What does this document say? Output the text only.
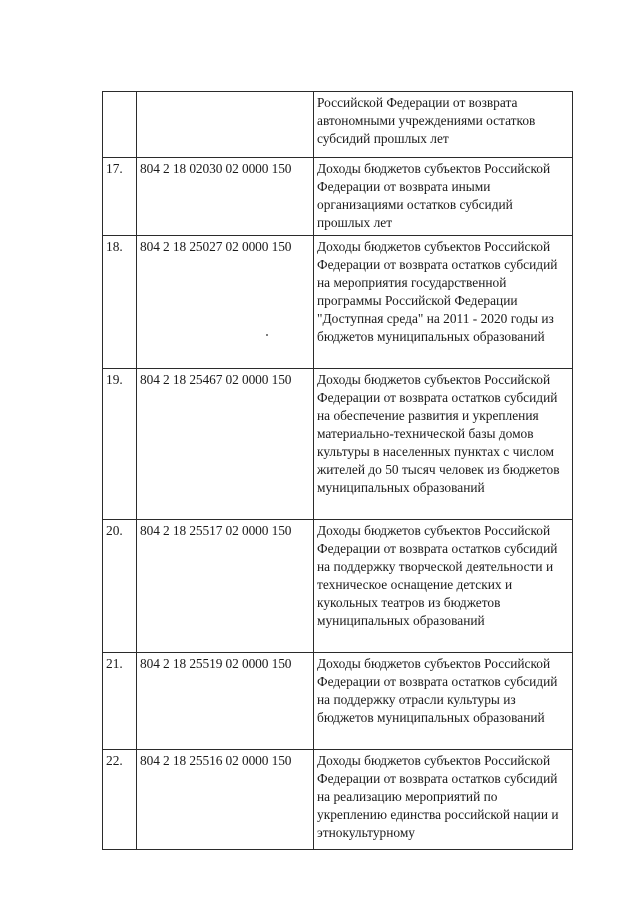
		Российской Федерации от возврата автономными учреждениями остатков субсидий прошлых лет

17.	804 2 18 02030 02 0000 150	Доходы бюджетов субъектов Российской Федерации от возврата иными организациями остатков субсидий прошлых лет

18.	804 2 18 25027 02 0000 150	Доходы бюджетов субъектов Российской Федерации от возврата остатков субсидий на мероприятия государственной программы Российской Федерации "Доступная среда" на 2011 - 2020 годы из бюджетов муниципальных образований

19.	804 2 18 25467 02 0000 150	Доходы бюджетов субъектов Российской Федерации от возврата остатков субсидий на обеспечение развития и укрепления материально-технической базы домов культуры в населенных пунктах с числом жителей до 50 тысяч человек из бюджетов муниципальных образований

20.	804 2 18 25517 02 0000 150	Доходы бюджетов субъектов Российской Федерации от возврата остатков субсидий на поддержку творческой деятельности и техническое оснащение детских и кукольных театров из бюджетов муниципальных образований

21.	804 2 18 25519 02 0000 150	Доходы бюджетов субъектов Российской Федерации от возврата остатков субсидий на поддержку отрасли культуры из бюджетов муниципальных образований

22.	804 2 18 25516 02 0000 150	Доходы бюджетов субъектов Российской Федерации от возврата остатков субсидий на реализацию мероприятий по укреплению единства российской нации и этнокультурному
